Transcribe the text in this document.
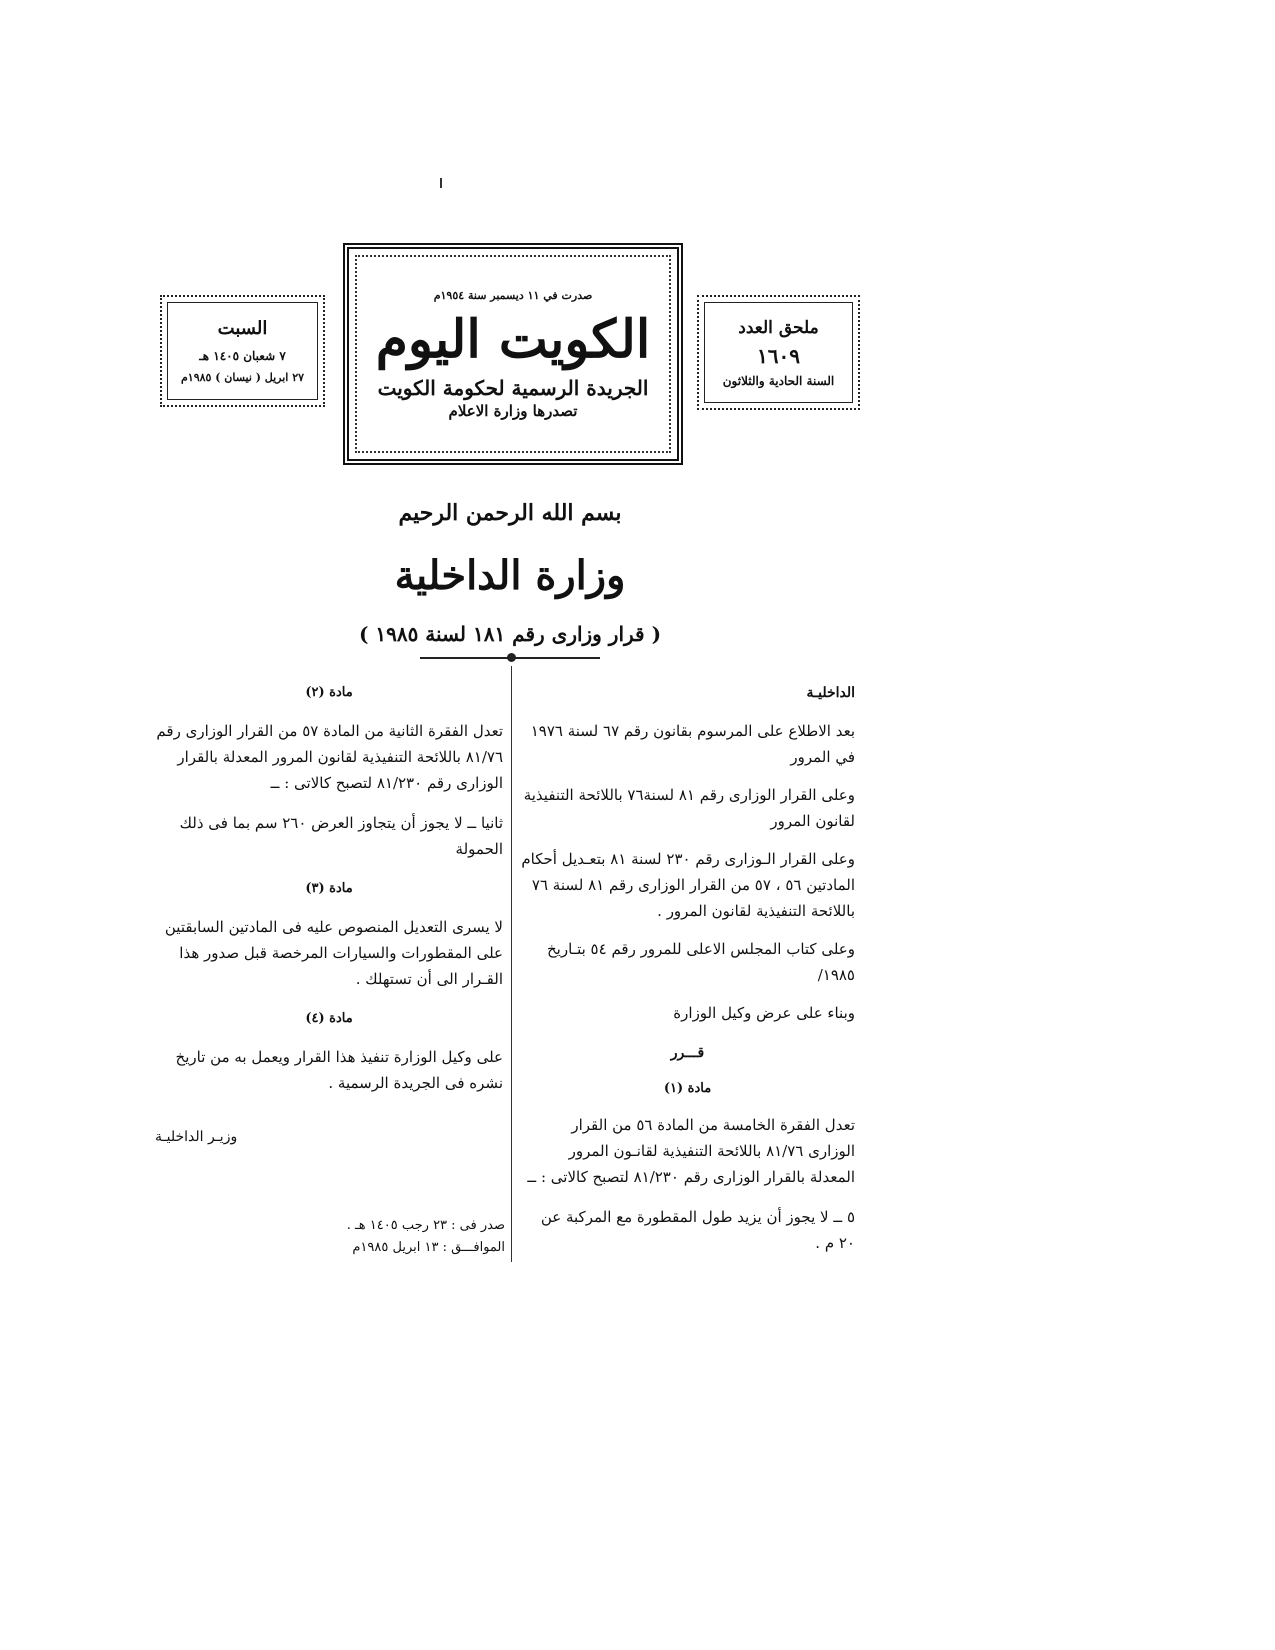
السبت
٧ شعبان ١٤٠٥ هـ
٢٧ ابريل ( نيسان ) ١٩٨٥م
صدرت في ١١ ديسمبر سنة ١٩٥٤م
الكويت اليوم
الجريدة الرسمية لحكومة الكويت
تصدرها وزارة الاعلام
ملحق العدد
١٦٠٩
السنة الحادية والثلاثون
بسم الله الرحمن الرحيم
وزارة الداخلية
( قرار وزارى رقم ١٨١ لسنة ١٩٨٥ )
الداخليـة
بعد الاطلاع على المرسوم بقانون رقم ٦٧ لسنة ١٩٧٦ في المرور
وعلى القرار الوزارى رقم ٨١ لسنة٧٦ باللائحة التنفيذية لقانون المرور
وعلى القرار الـوزارى رقم ٢٣٠ لسنة ٨١ بتعـديل أحكام المادتين ٥٦ ، ٥٧ من القرار الوزارى رقم ٨١ لسنة ٧٦ باللائحة التنفيذية لقانون المرور .
وعلى كتاب المجلس الاعلى للمرور رقم ٥٤ بتـاريخ ١٩٨٥/
وبناء على عرض وكيل الوزارة
قـــرر
مادة (١)
تعدل الفقرة الخامسة من المادة ٥٦ من القرار الوزارى ٨١/٧٦ باللائحة التنفيذية لقانـون المرور المعدلة بالقرار الوزارى رقم ٨١/٢٣٠ لتصبح كالاتى : ــ
٥ ــ لا يجوز أن يزيد طول المقطورة مع المركبة عن ٢٠ م .
مادة (٢)
تعدل الفقرة الثانية من المادة ٥٧ من القرار الوزارى رقم ٨١/٧٦ باللائحة التنفيذية لقانون المرور المعدلة بالقرار الوزارى رقم ٨١/٢٣٠ لتصبح كالاتى : ــ
ثانيا ــ لا يجوز أن يتجاوز العرض ٢٦٠ سم بما فى ذلك الحمولة
مادة (٣)
لا يسرى التعديل المنصوص عليه فى المادتين السابقتين على المقطورات والسيارات المرخصة قبل صدور هذا القـرار الى أن تستهلك .
مادة (٤)
على وكيل الوزارة تنفيذ هذا القرار ويعمل به من تاريخ نشره فى الجريدة الرسمية .
وزيـر الداخليـة
صدر فى : ٢٣ رجب ١٤٠٥ هـ .
الموافـــق : ١٣ ابريل ١٩٨٥م
